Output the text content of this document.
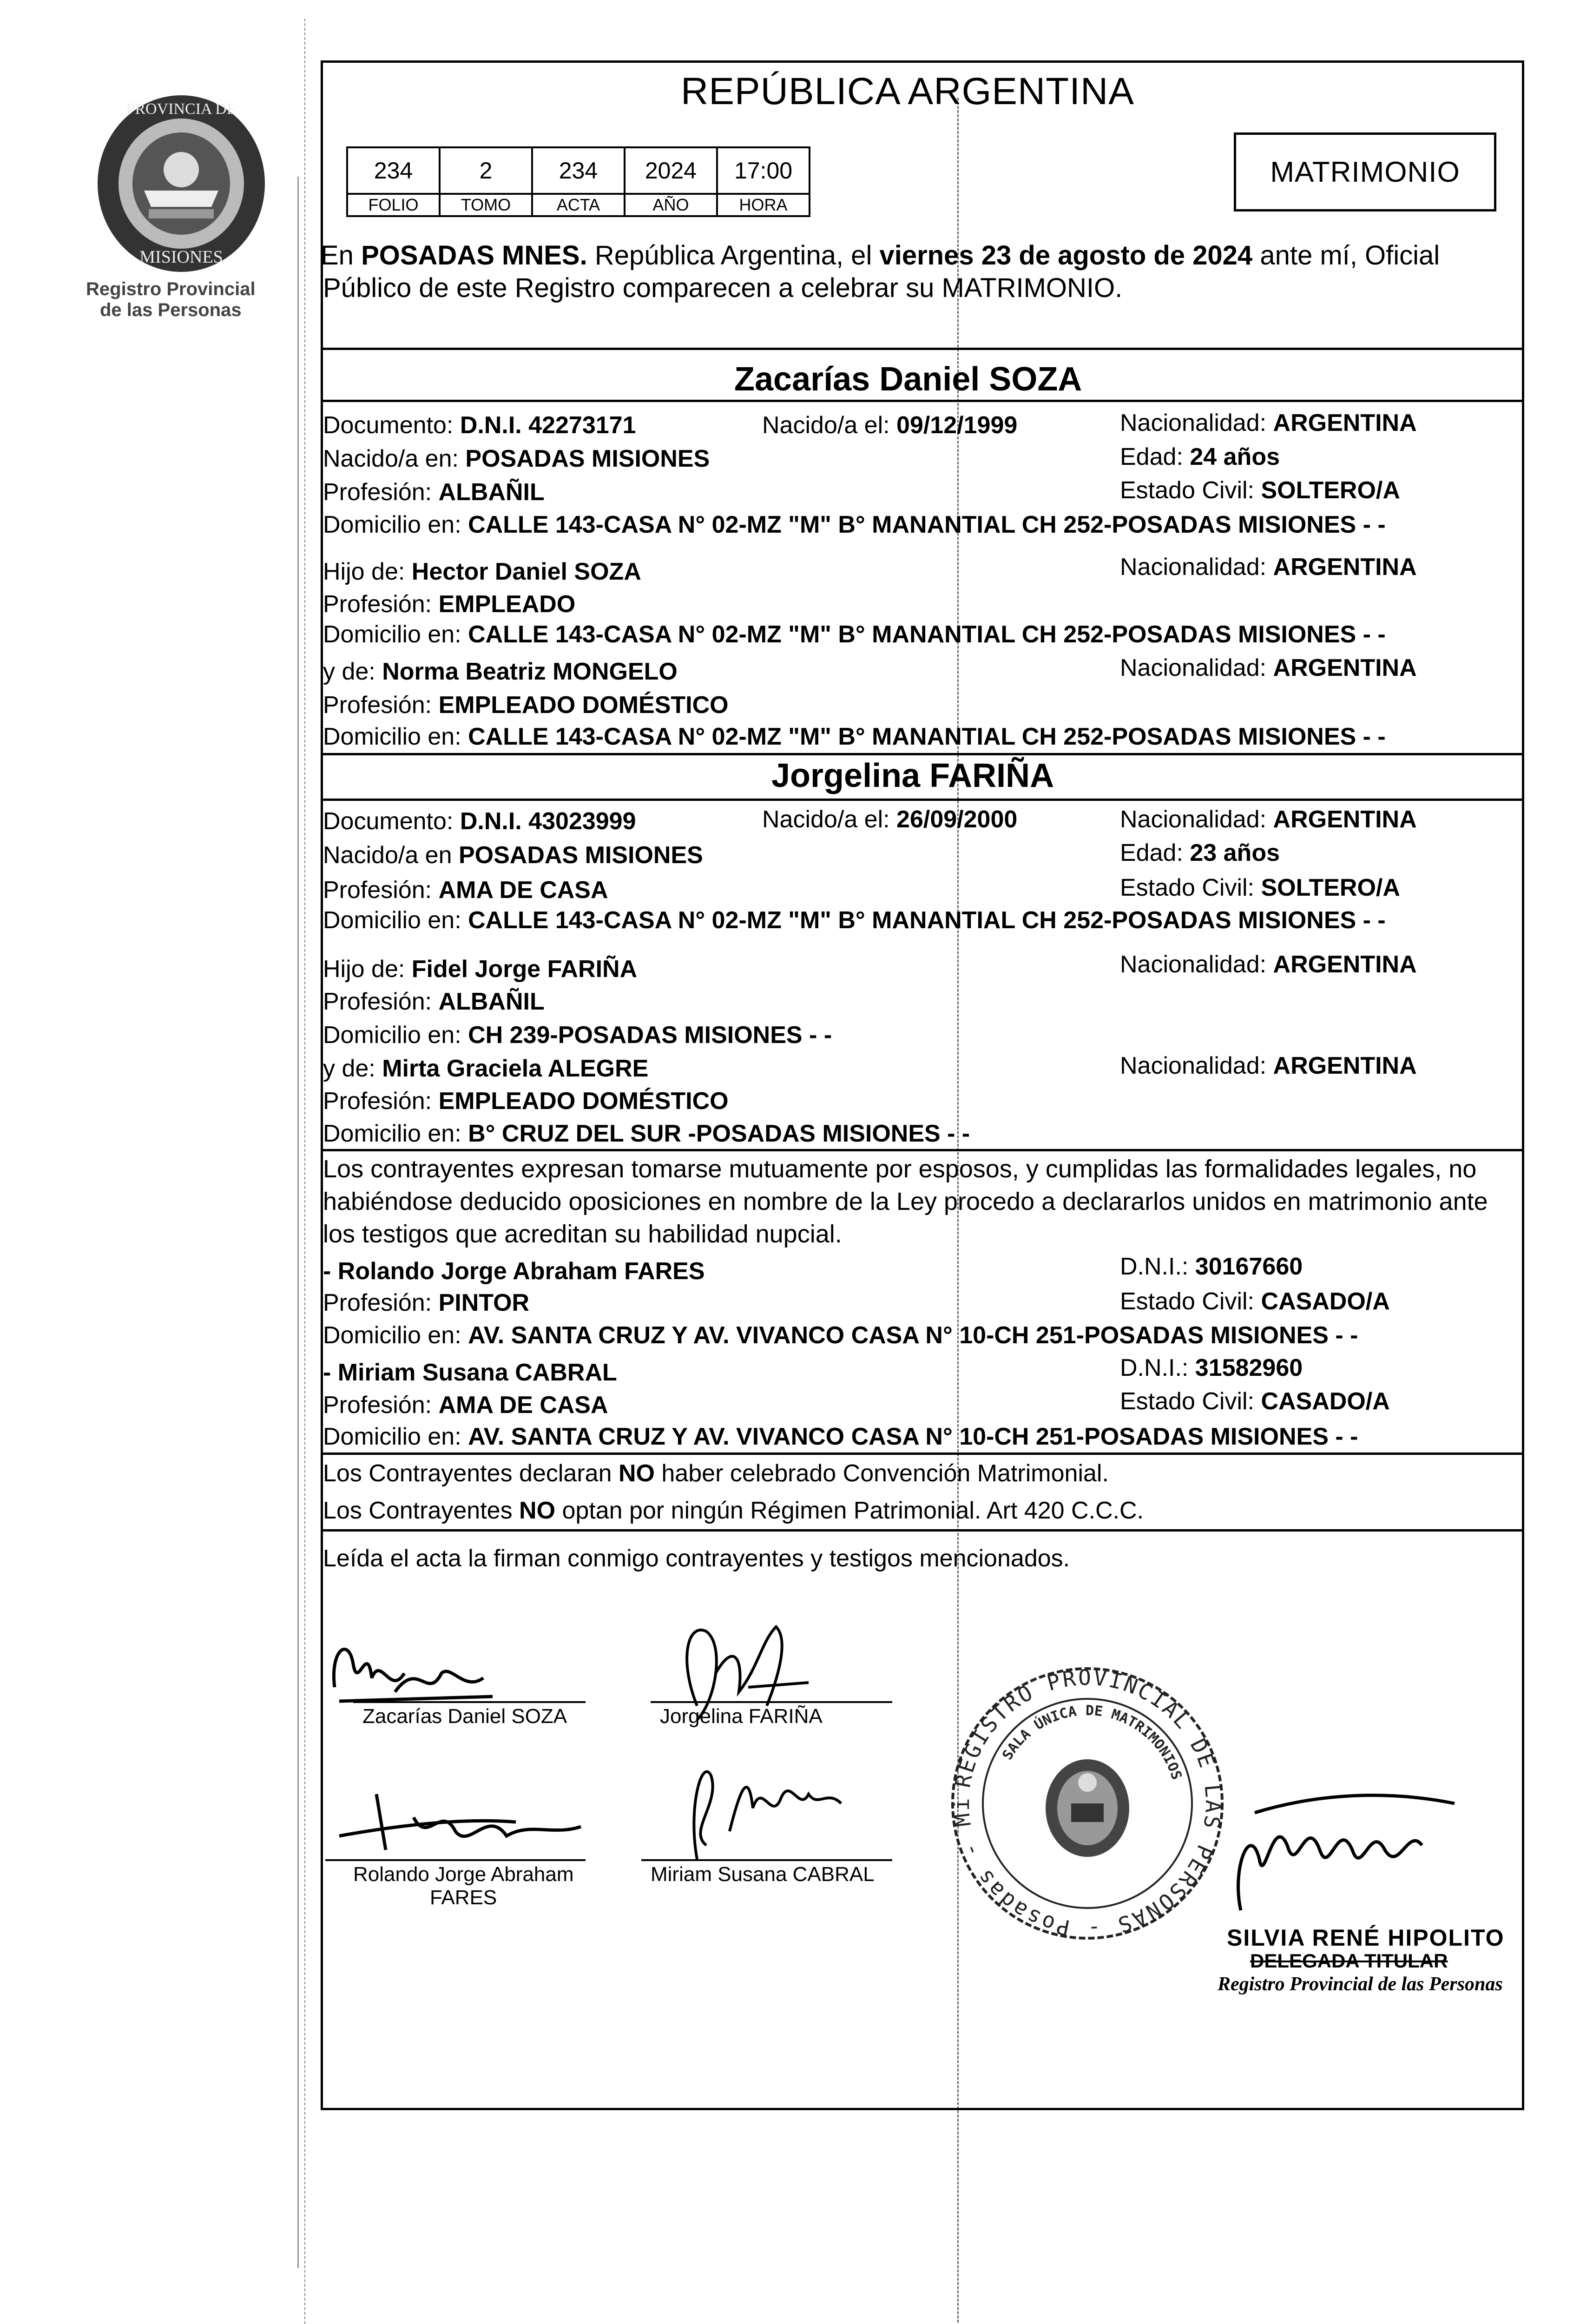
PROVINCIA DE
MISIONES
Registro Provincial
de las Personas
REPÚBLICA ARGENTINA
234	2	234	2024	17:00
FOLIO	TOMO	ACTA	AÑO	HORA
MATRIMONIO
En POSADAS MNES. República Argentina, el viernes 23 de agosto de 2024 ante mí, Oficial
Público de este Registro comparecen a celebrar su MATRIMONIO.
Zacarías Daniel SOZA
Documento: D.N.I. 42273171	Nacido/a el: 09/12/1999	Nacionalidad: ARGENTINA
Nacido/a en: POSADAS MISIONES	Edad: 24 años
Profesión: ALBAÑIL	Estado Civil: SOLTERO/A
Domicilio en: CALLE 143-CASA N° 02-MZ "M" B° MANANTIAL CH 252-POSADAS MISIONES - -
Hijo de: Hector Daniel SOZA	Nacionalidad: ARGENTINA
Profesión: EMPLEADO
Domicilio en: CALLE 143-CASA N° 02-MZ "M" B° MANANTIAL CH 252-POSADAS MISIONES - -
y de: Norma Beatriz MONGELO	Nacionalidad: ARGENTINA
Profesión: EMPLEADO DOMÉSTICO
Domicilio en: CALLE 143-CASA N° 02-MZ "M" B° MANANTIAL CH 252-POSADAS MISIONES - -
Jorgelina FARIÑA
Documento: D.N.I. 43023999	Nacido/a el: 26/09/2000	Nacionalidad: ARGENTINA
Nacido/a en POSADAS MISIONES	Edad: 23 años
Profesión: AMA DE CASA	Estado Civil: SOLTERO/A
Domicilio en: CALLE 143-CASA N° 02-MZ "M" B° MANANTIAL CH 252-POSADAS MISIONES - -
Hijo de: Fidel Jorge FARIÑA	Nacionalidad: ARGENTINA
Profesión: ALBAÑIL
Domicilio en: CH 239-POSADAS MISIONES - -
y de: Mirta Graciela ALEGRE	Nacionalidad: ARGENTINA
Profesión: EMPLEADO DOMÉSTICO
Domicilio en: B° CRUZ DEL SUR -POSADAS MISIONES - -
Los contrayentes expresan tomarse mutuamente por esposos, y cumplidas las formalidades legales, no
habiéndose deducido oposiciones en nombre de la Ley procedo a declararlos unidos en matrimonio ante
los testigos que acreditan su habilidad nupcial.
- Rolando Jorge Abraham FARES	D.N.I.: 30167660
Profesión: PINTOR	Estado Civil: CASADO/A
Domicilio en: AV. SANTA CRUZ Y AV. VIVANCO CASA N° 10-CH 251-POSADAS MISIONES - -
- Miriam Susana CABRAL	D.N.I.: 31582960
Profesión: AMA DE CASA	Estado Civil: CASADO/A
Domicilio en: AV. SANTA CRUZ Y AV. VIVANCO CASA N° 10-CH 251-POSADAS MISIONES - -
Los Contrayentes declaran NO haber celebrado Convención Matrimonial.
Los Contrayentes NO optan por ningún Régimen Patrimonial. Art 420 C.C.C.
Leída el acta la firman conmigo contrayentes y testigos mencionados.
Zacarías Daniel SOZA	Jorgelina FARIÑA
Rolando Jorge Abraham
FARES
Miriam Susana CABRAL
REGISTRO PROVINCIAL DE LAS PERSONAS - Posadas - Misiones - MINISTERIO DE GOBIERNO
SALA ÚNICA DE MATRIMONIOS
SILVIA RENÉ HIPOLITO
DELEGADA TITULAR
Registro Provincial de las Personas
